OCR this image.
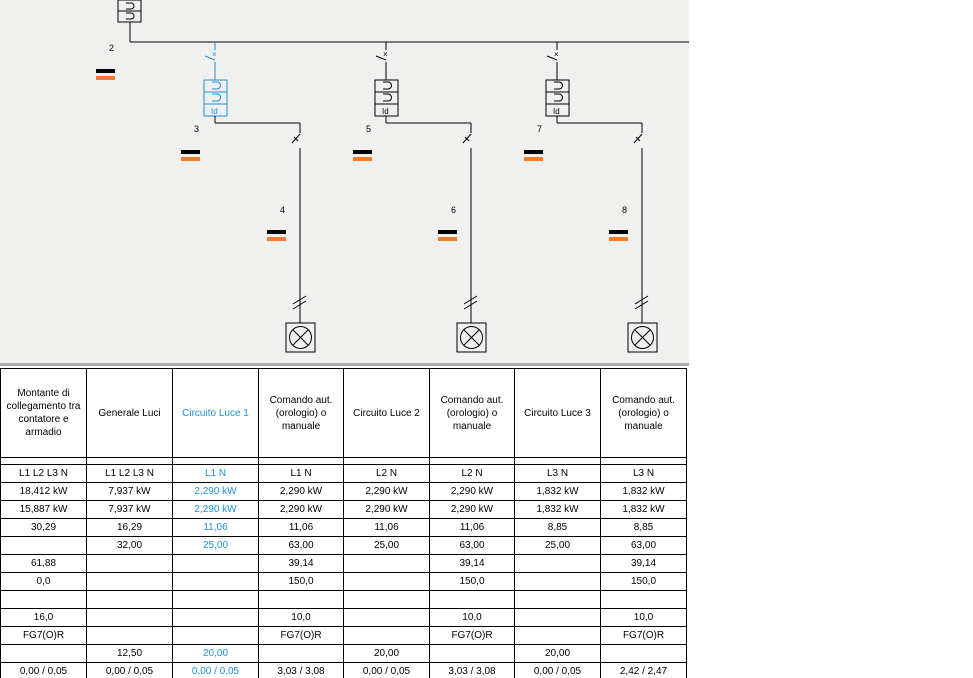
2
×
Id
×
Id
×
Id
3	5	7
4	6	8
Montante di collegamento tra contatore e armadio	Generale Luci	Circuito Luce 1	Comando aut.(orologio) o manuale	Circuito Luce 2	Comando aut.(orologio) o manuale	Circuito Luce 3	Comando aut.(orologio) o manuale

L1 L2 L3 N	L1 L2 L3 N	L1 N	L1 N	L2 N	L2 N	L3 N	L3 N
18,412 kW	7,937 kW	2,290 kW	2,290 kW	2,290 kW	2,290 kW	1,832 kW	1,832 kW
15,887 kW	7,937 kW	2,290 kW	2,290 kW	2,290 kW	2,290 kW	1,832 kW	1,832 kW
30,29	16,29	11,06	11,06	11,06	11,06	8,85	8,85
	32,00	25,00	63,00	25,00	63,00	25,00	63,00
61,88			39,14		39,14		39,14
0,0			150,0		150,0		150,0

16,0			10,0		10,0		10,0
FG7(O)R			FG7(O)R		FG7(O)R		FG7(O)R
	12,50	20,00		20,00		20,00	
0,00 / 0,05	0,00 / 0,05	0,00 / 0,05	3,03 / 3,08	0,00 / 0,05	3,03 / 3,08	0,00 / 0,05	2,42 / 2,47
